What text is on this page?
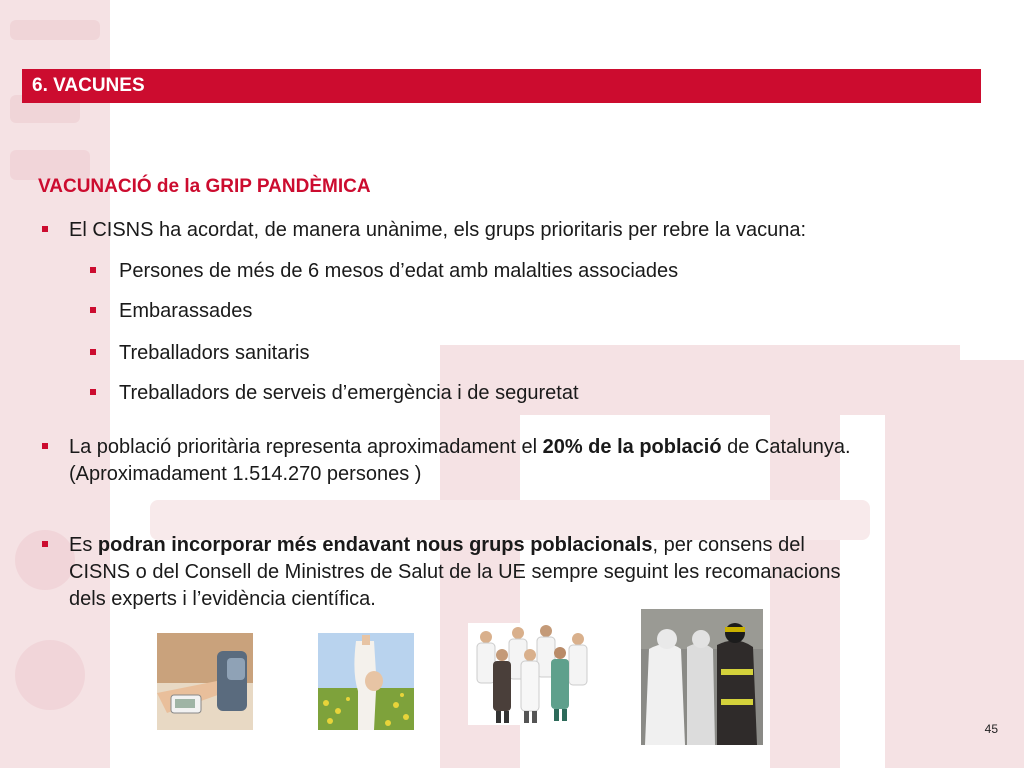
6. VACUNES
VACUNACIÓ de la GRIP PANDÈMICA
El CISNS ha acordat, de manera unànime, els grups prioritaris per rebre la vacuna:
Persones de més de 6 mesos d’edat amb malalties associades
Embarassades
Treballadors sanitaris
Treballadors de serveis d’emergència i de seguretat
La població prioritària representa aproximadament el 20% de la població de Catalunya.
(Aproximadament 1.514.270 persones )
Es podran incorporar més endavant nous grups poblacionals, per consens del
CISNS o del Consell de Ministres de Salut de la UE sempre seguint les recomanacions
dels experts i l’evidència científica.
45
